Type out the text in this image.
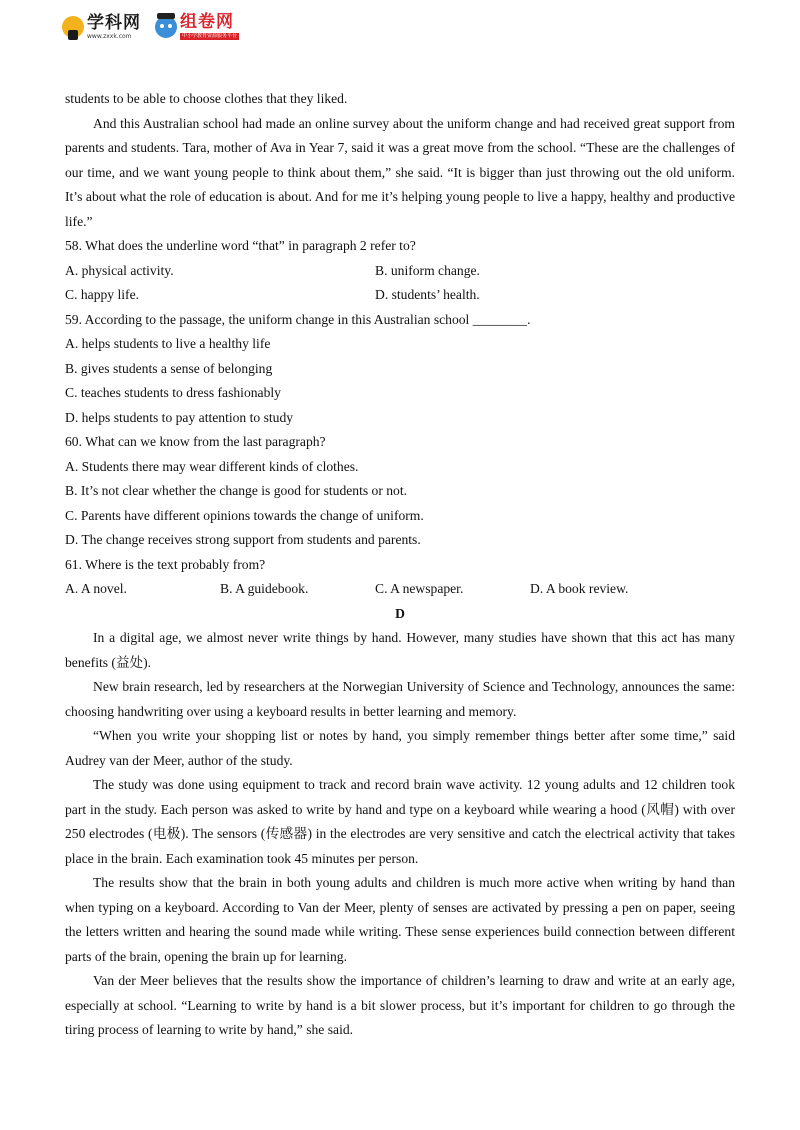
学科网
www.zxxk.com
组卷网
中小学教育资源服务平台
students to be able to choose clothes that they liked.

And this Australian school had made an online survey about the uniform change and had received great support from parents and students. Tara, mother of Ava in Year 7, said it was a great move from the school. “These are the challenges of our time, and we want young people to think about them,” she said. “It is bigger than just throwing out the old uniform. It’s about what the role of education is about. And for me it’s helping young people to live a happy, healthy and productive life.”

58. What does the underline word “that” in paragraph 2 refer to?
A. physical activity.	B. uniform change.
C. happy life.	D. students’ health.
59. According to the passage, the uniform change in this Australian school ________.
A. helps students to live a healthy life
B. gives students a sense of belonging
C. teaches students to dress fashionably
D. helps students to pay attention to study
60. What can we know from the last paragraph?
A. Students there may wear different kinds of clothes.
B. It’s not clear whether the change is good for students or not.
C. Parents have different opinions towards the change of uniform.
D. The change receives strong support from students and parents.
61. Where is the text probably from?
A. A novel.	B. A guidebook.	C. A newspaper.	D. A book review.
D

In a digital age, we almost never write things by hand. However, many studies have shown that this act has many benefits (益处).

New brain research, led by researchers at the Norwegian University of Science and Technology, announces the same: choosing handwriting over using a keyboard results in better learning and memory.

“When you write your shopping list or notes by hand, you simply remember things better after some time,” said Audrey van der Meer, author of the study.

The study was done using equipment to track and record brain wave activity. 12 young adults and 12 children took part in the study. Each person was asked to write by hand and type on a keyboard while wearing a hood (风帽) with over 250 electrodes (电极). The sensors (传感器) in the electrodes are very sensitive and catch the electrical activity that takes place in the brain. Each examination took 45 minutes per person.

The results show that the brain in both young adults and children is much more active when writing by hand than when typing on a keyboard. According to Van der Meer, plenty of senses are activated by pressing a pen on paper, seeing the letters written and hearing the sound made while writing. These sense experiences build connection between different parts of the brain, opening the brain up for learning.

Van der Meer believes that the results show the importance of children’s learning to draw and write at an early age, especially at school. “Learning to write by hand is a bit slower process, but it’s important for children to go through the tiring process of learning to write by hand,” she said.
